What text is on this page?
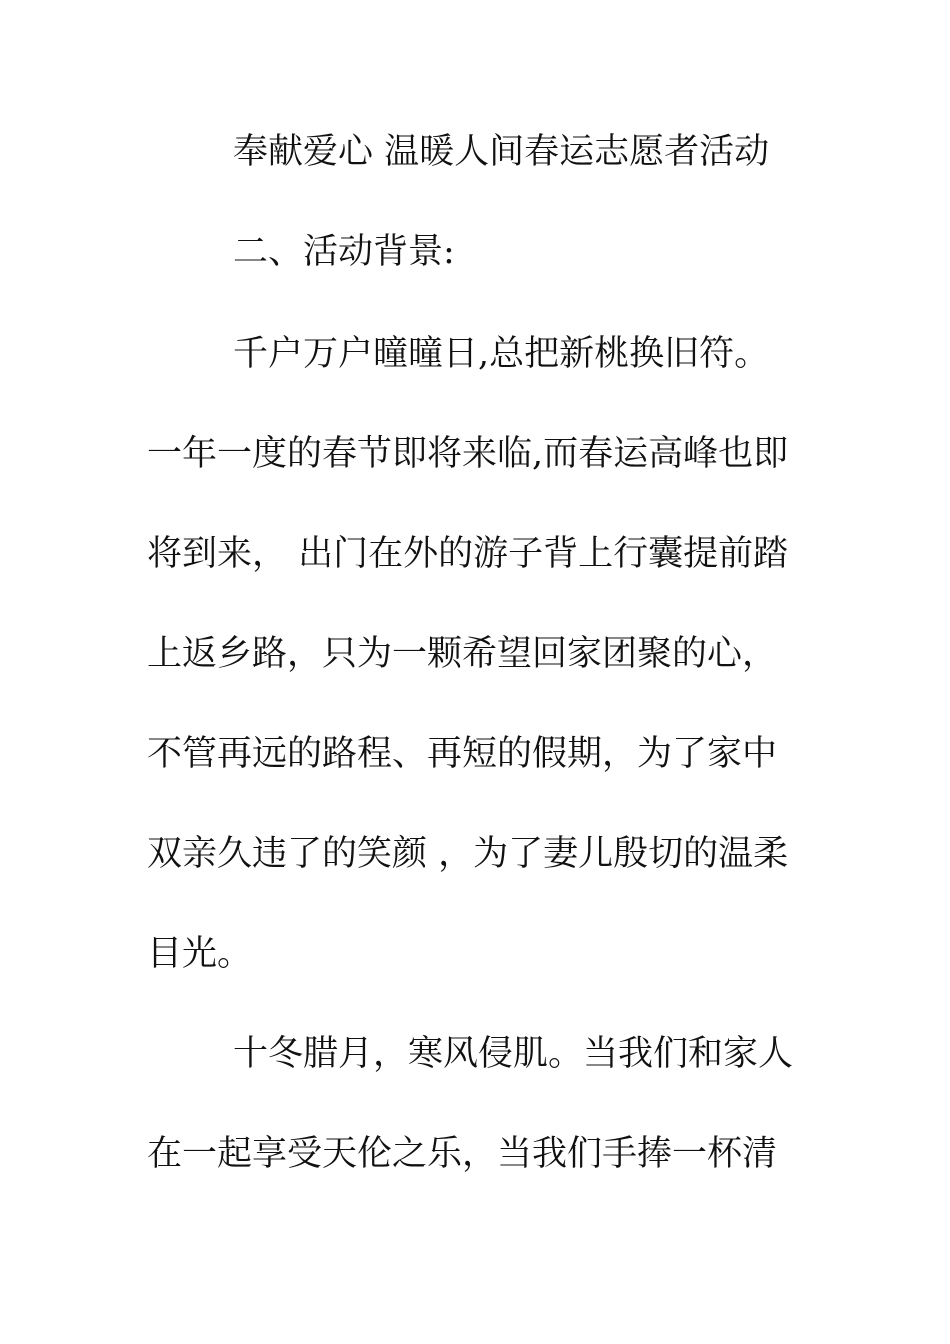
奉献爱心 温暖人间春运志愿者活动
二、活动背景:
千户万户曈曈日,总把新桃换旧符。
一年一度的春节即将来临,而春运高峰也即
将到来， 出门在外的游子背上行囊提前踏
上返乡路，只为一颗希望回家团聚的心，
不管再远的路程、再短的假期，为了家中
双亲久违了的笑颜 ，为了妻儿殷切的温柔
目光。
十冬腊月，寒风侵肌。当我们和家人
在一起享受天伦之乐，当我们手捧一杯清
